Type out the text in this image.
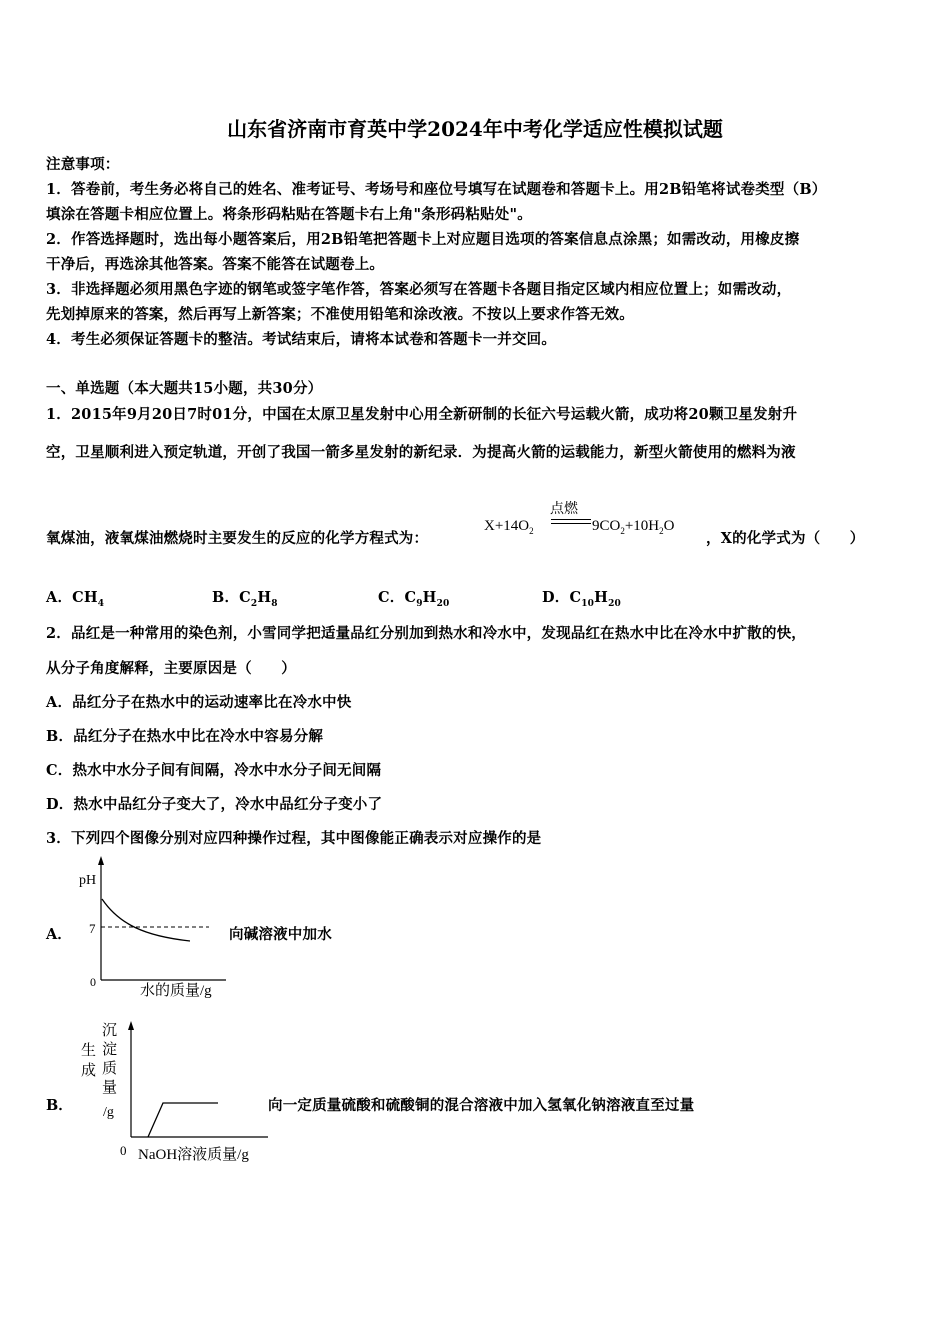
山东省济南市育英中学2024年中考化学适应性模拟试题
注意事项：
1．答卷前，考生务必将自己的姓名、准考证号、考场号和座位号填写在试题卷和答题卡上。用2B铅笔将试卷类型（B）
填涂在答题卡相应位置上。将条形码粘贴在答题卡右上角"条形码粘贴处"。
2．作答选择题时，选出每小题答案后，用2B铅笔把答题卡上对应题目选项的答案信息点涂黑；如需改动，用橡皮擦
干净后，再选涂其他答案。答案不能答在试题卷上。
3．非选择题必须用黑色字迹的钢笔或签字笔作答，答案必须写在答题卡各题目指定区域内相应位置上；如需改动，
先划掉原来的答案，然后再写上新答案；不准使用铅笔和涂改液。不按以上要求作答无效。
4．考生必须保证答题卡的整洁。考试结束后，请将本试卷和答题卡一并交回。
一、单选题（本大题共15小题，共30分）
1．2015年9月20日7时01分，中国在太原卫星发射中心用全新研制的长征六号运载火箭，成功将20颗卫星发射升
空，卫星顺利进入预定轨道，开创了我国一箭多星发射的新纪录．为提高火箭的运载能力，新型火箭使用的燃料为液
氧煤油，液氧煤油燃烧时主要发生的反应的化学方程式为：
$X+14O_2$
点燃
$9CO_2+10H_2O$
，X的化学式为（　　）
A．$CH_4$	B．$C_2H_8$	C．$C_9H_{20}$	D．$C_{10}H_{20}$
2．品红是一种常用的染色剂，小雪同学把适量品红分别加到热水和冷水中，发现品红在热水中比在冷水中扩散的快，
从分子角度解释，主要原因是（　　）
A．品红分子在热水中的运动速率比在冷水中快
B．品红分子在热水中比在冷水中容易分解
C．热水中水分子间有间隔，冷水中水分子间无间隔
D．热水中品红分子变大了，冷水中品红分子变小了
3．下列四个图像分别对应四种操作过程，其中图像能正确表示对应操作的是
A．
pH
7
0
水的质量/g
向碱溶液中加水
B．
沉
淀
质
量
生
成
/g
0 NaOH溶液质量/g
向一定质量硫酸和硫酸铜的混合溶液中加入氢氧化钠溶液直至过量
